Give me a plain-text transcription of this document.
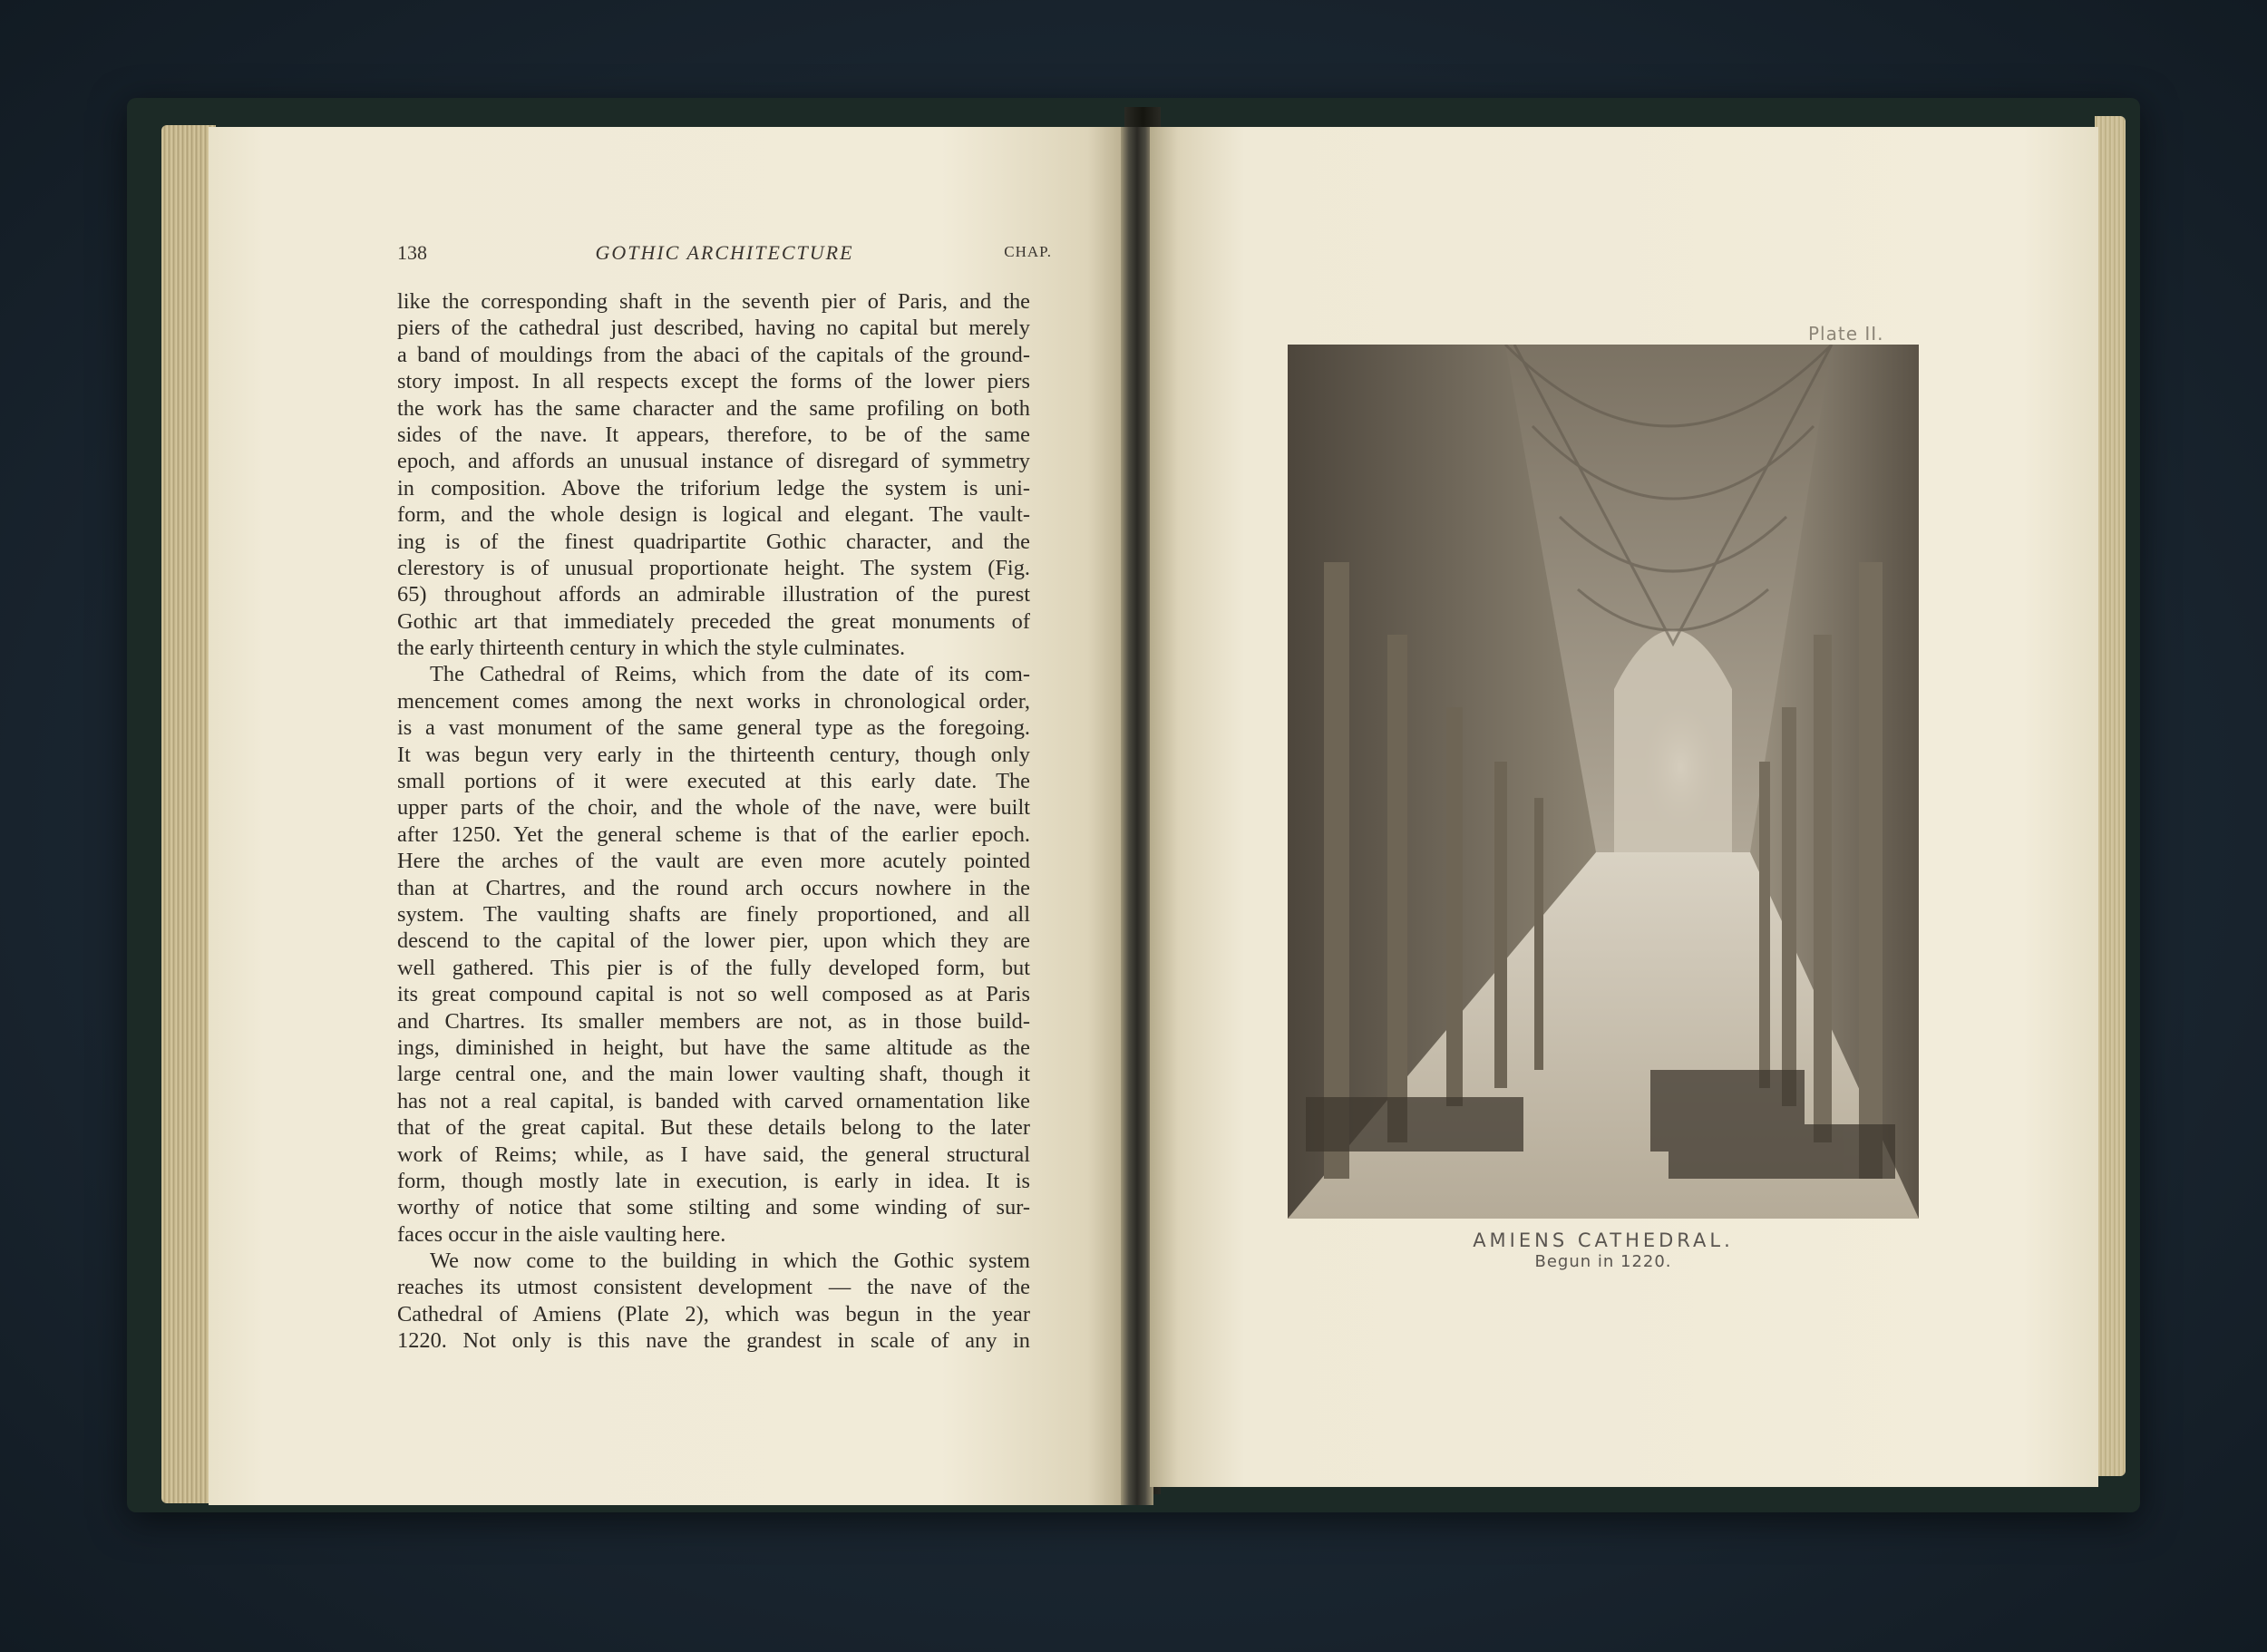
138	GOTHIC ARCHITECTURE	CHAP.
like the corresponding shaft in the seventh pier of Paris, and the
piers of the cathedral just described, having no capital but merely
a band of mouldings from the abaci of the capitals of the ground-
story impost. In all respects except the forms of the lower piers
the work has the same character and the same profiling on both
sides of the nave. It appears, therefore, to be of the same
epoch, and affords an unusual instance of disregard of symmetry
in composition. Above the triforium ledge the system is uni-
form, and the whole design is logical and elegant. The vault-
ing is of the finest quadripartite Gothic character, and the
clerestory is of unusual proportionate height. The system (Fig.
65) throughout affords an admirable illustration of the purest
Gothic art that immediately preceded the great monuments of
the early thirteenth century in which the style culminates.
The Cathedral of Reims, which from the date of its com-
mencement comes among the next works in chronological order,
is a vast monument of the same general type as the foregoing.
It was begun very early in the thirteenth century, though only
small portions of it were executed at this early date. The
upper parts of the choir, and the whole of the nave, were built
after 1250. Yet the general scheme is that of the earlier epoch.
Here the arches of the vault are even more acutely pointed
than at Chartres, and the round arch occurs nowhere in the
system. The vaulting shafts are finely proportioned, and all
descend to the capital of the lower pier, upon which they are
well gathered. This pier is of the fully developed form, but
its great compound capital is not so well composed as at Paris
and Chartres. Its smaller members are not, as in those build-
ings, diminished in height, but have the same altitude as the
large central one, and the main lower vaulting shaft, though it
has not a real capital, is banded with carved ornamentation like
that of the great capital. But these details belong to the later
work of Reims; while, as I have said, the general structural
form, though mostly late in execution, is early in idea. It is
worthy of notice that some stilting and some winding of sur-
faces occur in the aisle vaulting here.
We now come to the building in which the Gothic system
reaches its utmost consistent development — the nave of the
Cathedral of Amiens (Plate 2), which was begun in the year
1220. Not only is this nave the grandest in scale of any in
Plate II.
AMIENS CATHEDRAL.
Begun in 1220.
